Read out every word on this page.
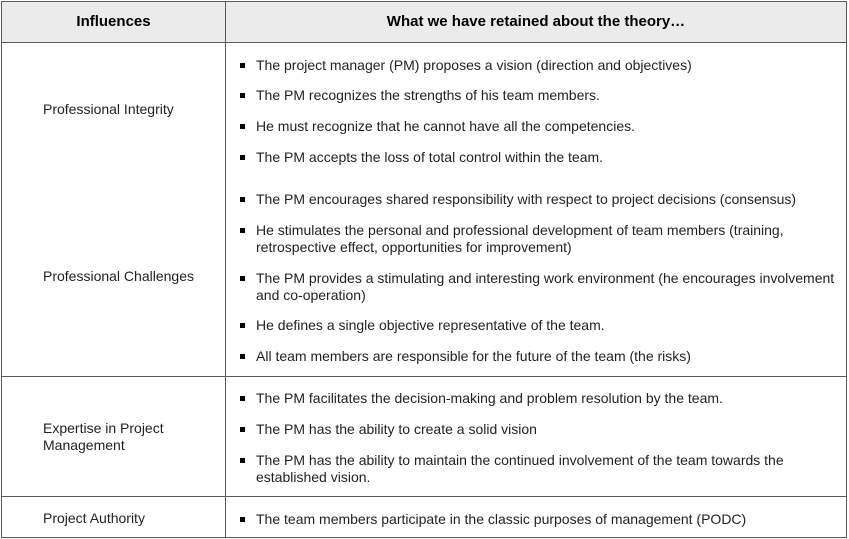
Influences	What we have retained about the theory…
Professional Integrity
The project manager (PM) proposes a vision (direction and objectives)
The PM recognizes the strengths of his team members.
He must recognize that he cannot have all the competencies.
The PM accepts the loss of total control within the team.
Professional Challenges
The PM encourages shared responsibility with respect to project decisions (consensus)
He stimulates the personal and professional development of team members (training, retrospective effect, opportunities for improvement)
The PM provides a stimulating and interesting work environment (he encourages involvement and co-operation)
He defines a single objective representative of the team.
All team members are responsible for the future of the team (the risks)
Expertise in Project Management
The PM facilitates the decision-making and problem resolution by the team.
The PM has the ability to create a solid vision
The PM has the ability to maintain the continued involvement of the team towards the established vision.
Project Authority	The team members participate in the classic purposes of management (PODC)
